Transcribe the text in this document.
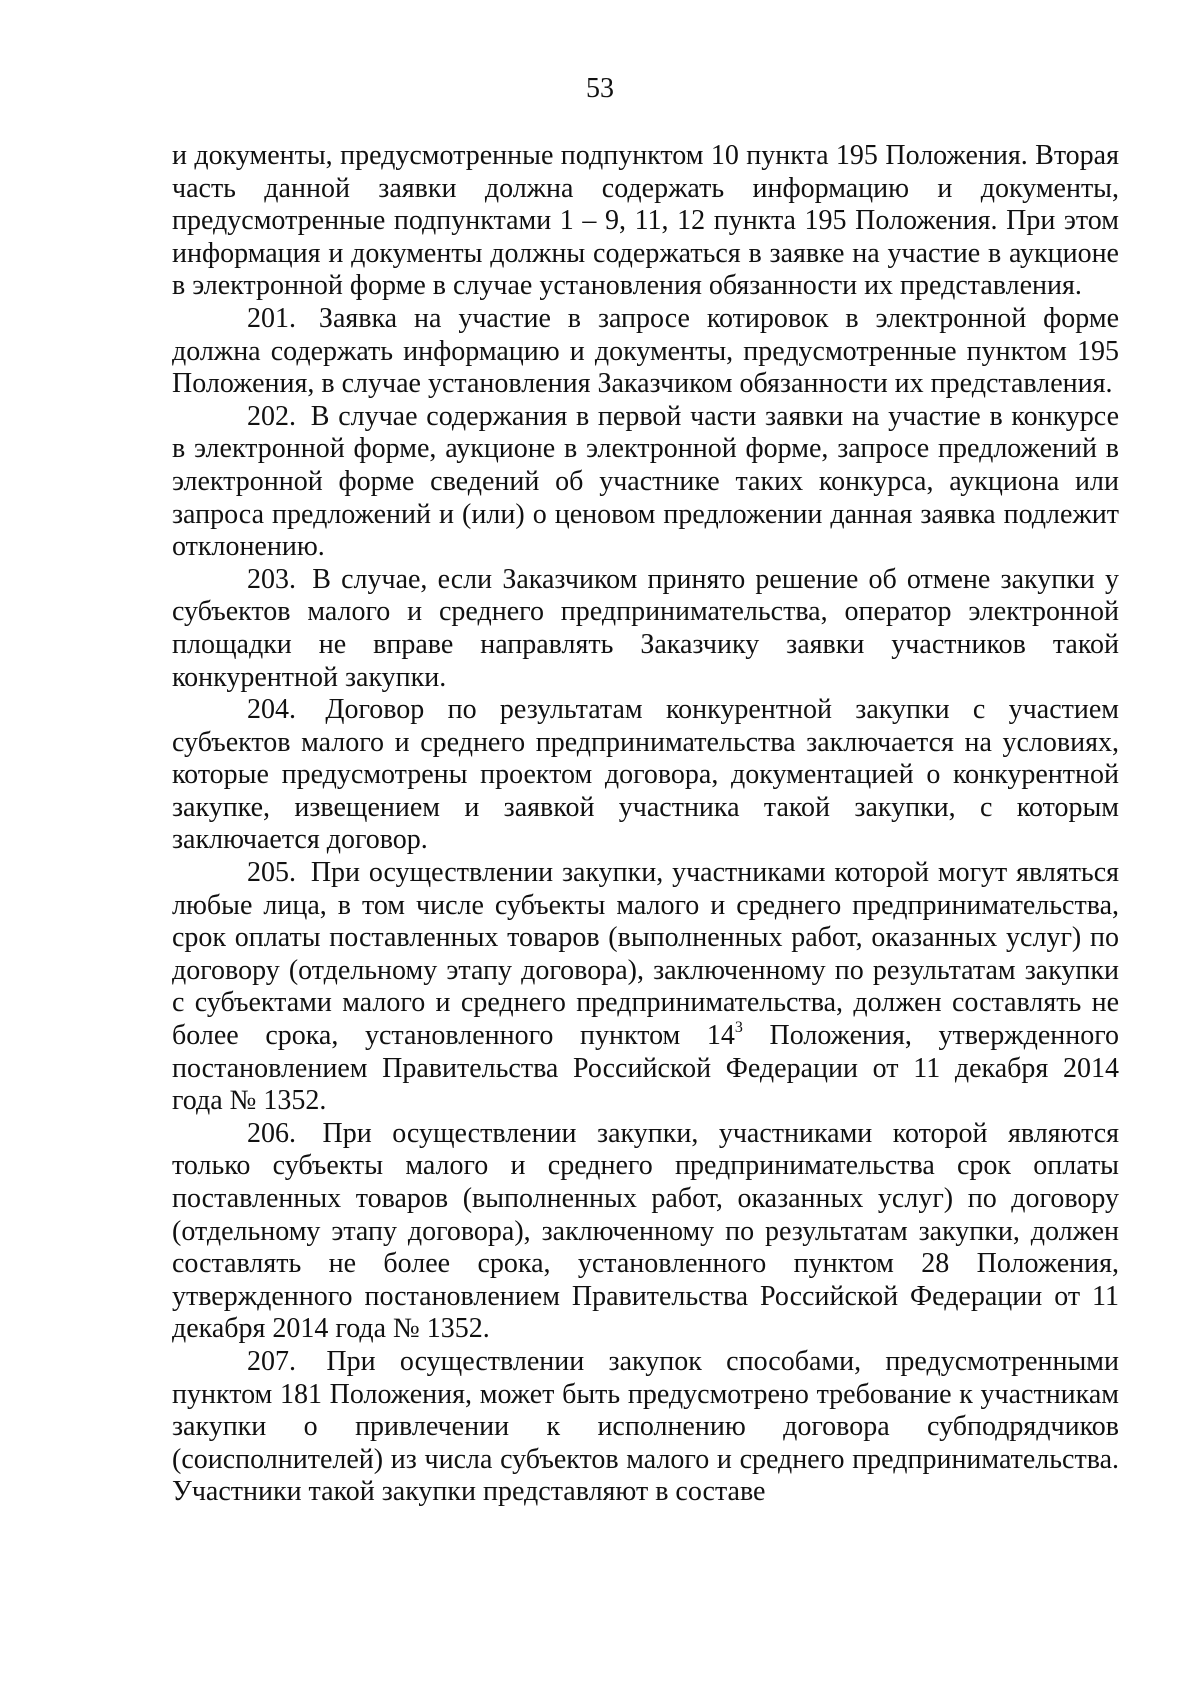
53

и документы, предусмотренные подпунктом 10 пункта 195 Положения. Вторая часть данной заявки должна содержать информацию и документы, предусмотренные подпунктами 1 – 9, 11, 12 пункта 195 Положения. При этом информация и документы должны содержаться в заявке на участие в аукционе в электронной форме в случае установления обязанности их представления.

201. Заявка на участие в запросе котировок в электронной форме должна содержать информацию и документы, предусмотренные пунктом 195 Положения, в случае установления Заказчиком обязанности их представления.

202. В случае содержания в первой части заявки на участие в конкурсе в электронной форме, аукционе в электронной форме, запросе предложений в электронной форме сведений об участнике таких конкурса, аукциона или запроса предложений и (или) о ценовом предложении данная заявка подлежит отклонению.

203. В случае, если Заказчиком принято решение об отмене закупки у субъектов малого и среднего предпринимательства, оператор электронной площадки не вправе направлять Заказчику заявки участников такой конкурентной закупки.

204. Договор по результатам конкурентной закупки с участием субъектов малого и среднего предпринимательства заключается на условиях, которые предусмотрены проектом договора, документацией о конкурентной закупке, извещением и заявкой участника такой закупки, с которым заключается договор.

205. При осуществлении закупки, участниками которой могут являться любые лица, в том числе субъекты малого и среднего предпринимательства, срок оплаты поставленных товаров (выполненных работ, оказанных услуг) по договору (отдельному этапу договора), заключенному по результатам закупки с субъектами малого и среднего предпринимательства, должен составлять не более срока, установленного пунктом $14^3$ Положения, утвержденного постановлением Правительства Российской Федерации от 11 декабря 2014 года № 1352.

206. При осуществлении закупки, участниками которой являются только субъекты малого и среднего предпринимательства срок оплаты поставленных товаров (выполненных работ, оказанных услуг) по договору (отдельному этапу договора), заключенному по результатам закупки, должен составлять не более срока, установленного пунктом 28 Положения, утвержденного постановлением Правительства Российской Федерации от 11 декабря 2014 года № 1352.

207. При осуществлении закупок способами, предусмотренными пунктом 181 Положения, может быть предусмотрено требование к участникам закупки о привлечении к исполнению договора субподрядчиков (соисполнителей) из числа субъектов малого и среднего предпринимательства. Участники такой закупки представляют в составе
